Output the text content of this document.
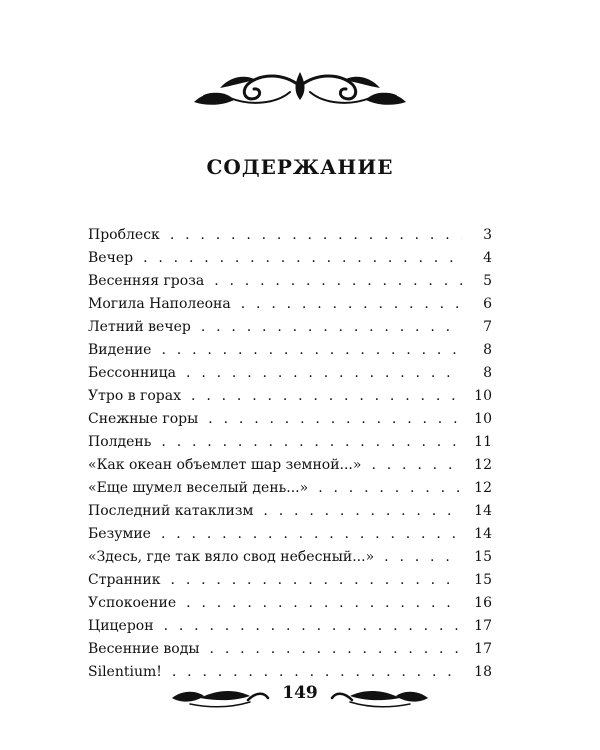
СОДЕРЖАНИЕ
Проблеск . . .	3
Вечер . . .	4
Весенняя гроза . . .	5
Могила Наполеона . . .	6
Летний вечер . . .	7
Видение . . .	8
Бессонница . . .	8
Утро в горах . . .	10
Снежные горы . . .	10
Полдень . . .	11
«Как океан объемлет шар земной...» . . .	12
«Еще шумел веселый день...» . . .	12
Последний катаклизм . . .	14
Безумие . . .	14
«Здесь, где так вяло свод небесный...» . . .	15
Странник . . .	15
Успокоение . . .	16
Цицерон . . .	17
Весенние воды . . .	17
Silentium! . . .	18
149
